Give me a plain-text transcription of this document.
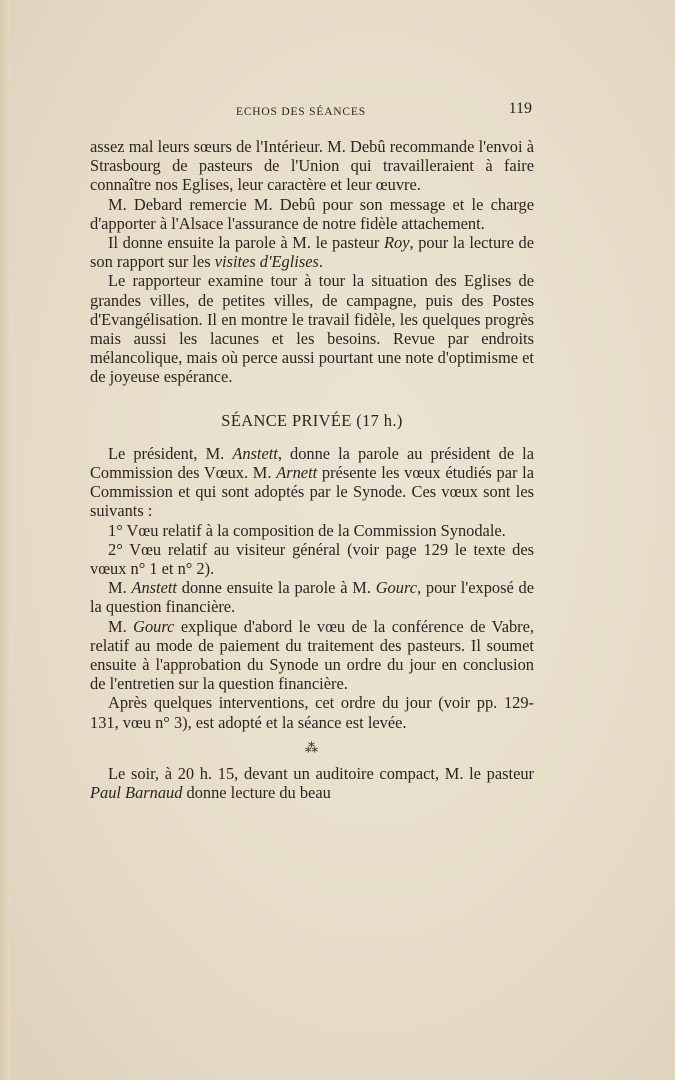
ECHOS DES SÉANCES	119

assez mal leurs sœurs de l'Intérieur. M. Debû recommande l'envoi à Strasbourg de pasteurs de l'Union qui travailleraient à faire connaître nos Eglises, leur caractère et leur œuvre.

M. Debard remercie M. Debû pour son message et le charge d'apporter à l'Alsace l'assurance de notre fidèle attachement.

Il donne ensuite la parole à M. le pasteur Roy, pour la lecture de son rapport sur les visites d'Eglises.

Le rapporteur examine tour à tour la situation des Eglises de grandes villes, de petites villes, de campagne, puis des Postes d'Evangélisation. Il en montre le travail fidèle, les quelques progrès mais aussi les lacunes et les besoins. Revue par endroits mélancolique, mais où perce aussi pourtant une note d'optimisme et de joyeuse espérance.

SÉANCE PRIVÉE (17 h.)

Le président, M. Anstett, donne la parole au président de la Commission des Vœux. M. Arnett présente les vœux étudiés par la Commission et qui sont adoptés par le Synode. Ces vœux sont les suivants :

1° Vœu relatif à la composition de la Commission Synodale.

2° Vœu relatif au visiteur général (voir page 129 le texte des vœux n° 1 et n° 2).

M. Anstett donne ensuite la parole à M. Gourc, pour l'exposé de la question financière.

M. Gourc explique d'abord le vœu de la conférence de Vabre, relatif au mode de paiement du traitement des pasteurs. Il soumet ensuite à l'approbation du Synode un ordre du jour en conclusion de l'entretien sur la question financière.

Après quelques interventions, cet ordre du jour (voir pp. 129-131, vœu n° 3), est adopté et la séance est levée.

⁂

Le soir, à 20 h. 15, devant un auditoire compact, M. le pasteur Paul Barnaud donne lecture du beau
